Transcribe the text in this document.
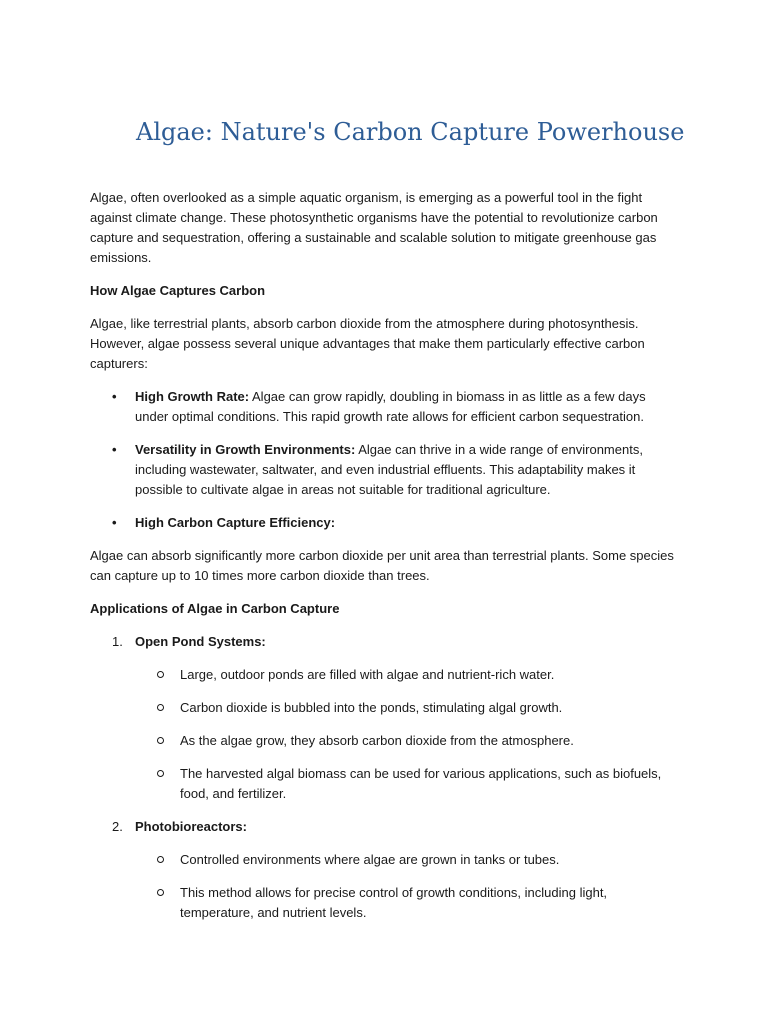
Algae: Nature's Carbon Capture Powerhouse

Algae, often overlooked as a simple aquatic organism, is emerging as a powerful tool in the fight against climate change. These photosynthetic organisms have the potential to revolutionize carbon capture and sequestration, offering a sustainable and scalable solution to mitigate greenhouse gas emissions.

How Algae Captures Carbon

Algae, like terrestrial plants, absorb carbon dioxide from the atmosphere during photosynthesis. However, algae possess several unique advantages that make them particularly effective carbon capturers:

• High Growth Rate: Algae can grow rapidly, doubling in biomass in as little as a few days under optimal conditions. This rapid growth rate allows for efficient carbon sequestration.
• Versatility in Growth Environments: Algae can thrive in a wide range of environments, including wastewater, saltwater, and even industrial effluents. This adaptability makes it possible to cultivate algae in areas not suitable for traditional agriculture.
• High Carbon Capture Efficiency:

Algae can absorb significantly more carbon dioxide per unit area than terrestrial plants. Some species can capture up to 10 times more carbon dioxide than trees.

Applications of Algae in Carbon Capture

1. Open Pond Systems:
Large, outdoor ponds are filled with algae and nutrient-rich water.
Carbon dioxide is bubbled into the ponds, stimulating algal growth.
As the algae grow, they absorb carbon dioxide from the atmosphere.
The harvested algal biomass can be used for various applications, such as biofuels, food, and fertilizer.
2. Photobioreactors:
Controlled environments where algae are grown in tanks or tubes.
This method allows for precise control of growth conditions, including light, temperature, and nutrient levels.
